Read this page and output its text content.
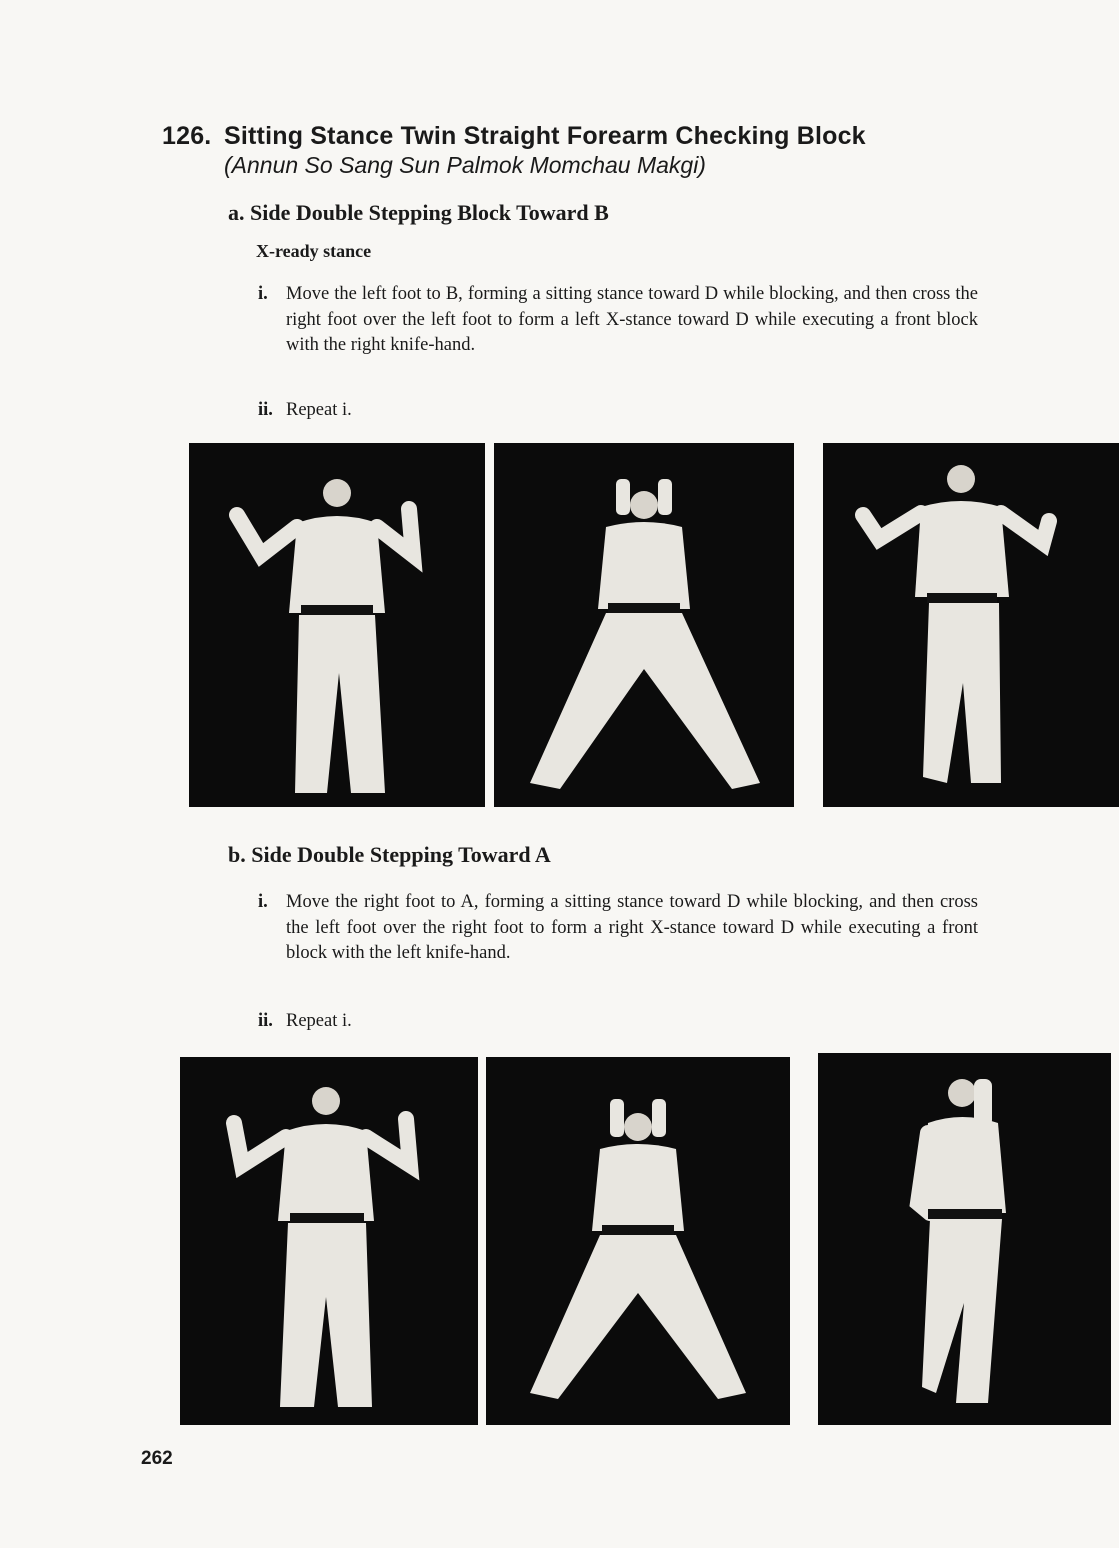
126. Sitting Stance Twin Straight Forearm Checking Block
(Annun So Sang Sun Palmok Momchau Makgi)
a. Side Double Stepping Block Toward B
X-ready stance
i. Move the left foot to B, forming a sitting stance toward D while blocking, and then cross the right foot over the left foot to form a left X-stance toward D while executing a front block with the right knife-hand.
ii. Repeat i.
b. Side Double Stepping Toward A
i. Move the right foot to A, forming a sitting stance toward D while blocking, and then cross the left foot over the right foot to form a right X-stance toward D while executing a front block with the left knife-hand.
ii. Repeat i.
262
